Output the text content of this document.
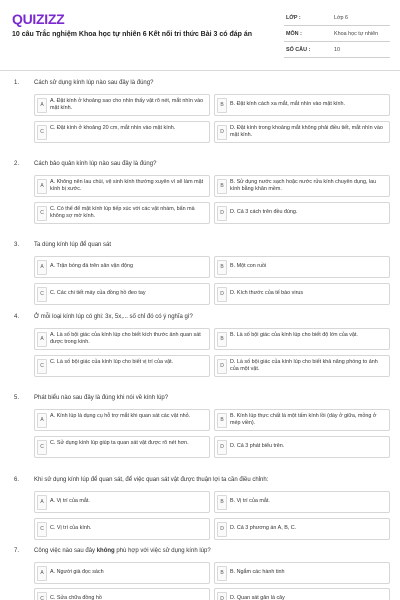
QUIZIZZ
10 câu Trắc nghiệm Khoa học tự nhiên 6 Kết nối tri thức Bài 3 có đáp án
LỚP :	Lớp 6
MÔN :	Khoa học tự nhiên
SỐ CÂU :	10
1. Cách sử dụng kính lúp nào sau đây là đúng?
A
A. Đặt kính ở khoảng sao cho nhìn thấy vật rõ nét, mắt nhìn vào mặt kính.	B	B. Đặt kính cách xa mắt, mắt nhìn vào mặt kính.
C
C. Đặt kính ở khoảng 20 cm, mắt nhìn vào mặt kính.
D
D. Đặt kính trong khoảng mắt không phải điều tiết, mắt nhìn vào mặt kính.
2. Cách bảo quản kính lúp nào sau đây là đúng?
A
A. Không nên lau chùi, vệ sinh kính thường xuyên vì sẽ làm mặt kính bị xước.	B
B. Sử dụng nước sạch hoặc nước rửa kính chuyên dụng, lau kính bằng khăn mềm.
C
C. Có thể để mặt kính lúp tiếp xúc với các vật nhám, bẩn mà không sợ mờ kính.	D	D. Cả 3 cách trên đều đúng.
3. Ta dùng kính lúp để quan sát
A	A. Trận bóng đá trên sân vận động	B	B. Một con ruồi
C	C. Các chi tiết máy của đồng hồ đeo tay	D	D. Kích thước của tế bào virus
4. Ở mỗi loại kính lúp có ghi: 3x, 5x,... số chỉ đó có ý nghĩa gì?
A
A. Là số bội giác của kính lúp cho biết kích thước ảnh quan sát được trong kính.	B
B. Là số bội giác của kính lúp cho biết độ lớn của vật.
C
C. Là số bội giác của kính lúp cho biết vị trí của vật.
D
D. Là số bội giác của kính lúp cho biết khả năng phóng to ảnh của một vật.
5. Phát biểu nào sau đây là đúng khi nói về kính lúp?
A
A. Kính lúp là dụng cụ hỗ trợ mắt khi quan sát các vật nhỏ.
B
B. Kính lúp thực chất là một tấm kính lồi (dày ở giữa, mỏng ở mép viền).
C
C. Sử dụng kính lúp giúp ta quan sát vật được rõ nét hơn.
D	D. Cả 3 phát biểu trên.
6. Khi sử dụng kính lúp để quan sát, để việc quan sát vật được thuận lợi ta cần điều chỉnh:
A	A. Vị trí của mắt.	B	B. Vị trí của mắt.
C	C. Vị trí của kính.	D	D. Cả 3 phương án A, B, C.
7. Công việc nào sau đây không phù hợp với việc sử dụng kính lúp?
A	A. Người già đọc sách	B	B. Ngắm các hành tinh
C	C. Sửa chữa đồng hồ	D	D. Quan sát gân lá cây
